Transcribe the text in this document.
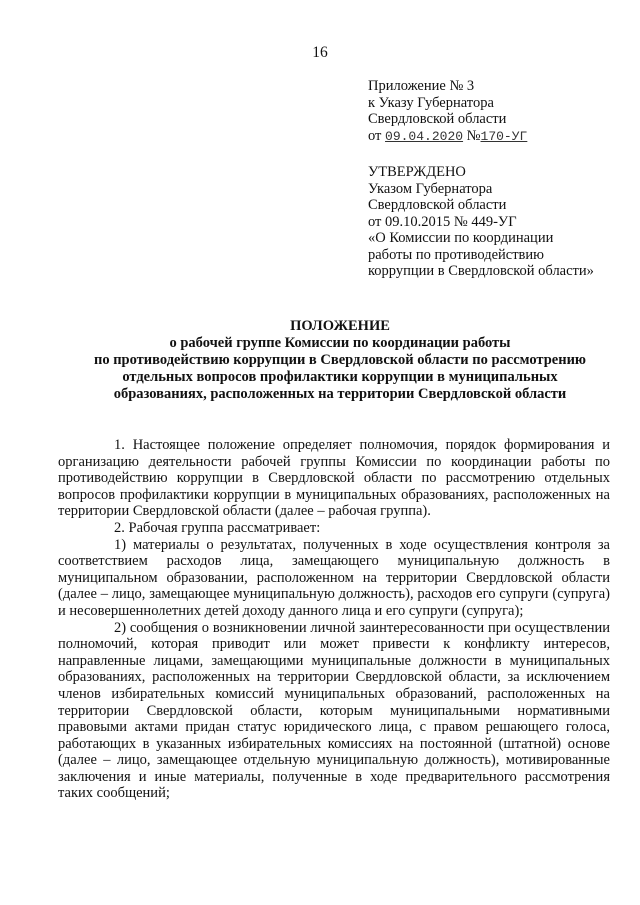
16
Приложение № 3
к Указу Губернатора
Свердловской области
от 09.04.2020 №170-УГ
УТВЕРЖДЕНО
Указом Губернатора
Свердловской области
от 09.10.2015 № 449-УГ
«О Комиссии по координации
работы по противодействию
коррупции в Свердловской области»
ПОЛОЖЕНИЕ
о рабочей группе Комиссии по координации работы
по противодействию коррупции в Свердловской области по рассмотрению
отдельных вопросов профилактики коррупции в муниципальных
образованиях, расположенных на территории Свердловской области

1. Настоящее положение определяет полномочия, порядок формирования и организацию деятельности рабочей группы Комиссии по координации работы по противодействию коррупции в Свердловской области по рассмотрению отдельных вопросов профилактики коррупции в муниципальных образованиях, расположенных на территории Свердловской области (далее – рабочая группа).

2. Рабочая группа рассматривает:

1) материалы о результатах, полученных в ходе осуществления контроля за соответствием расходов лица, замещающего муниципальную должность в муниципальном образовании, расположенном на территории Свердловской области (далее – лицо, замещающее муниципальную должность), расходов его супруги (супруга) и несовершеннолетних детей доходу данного лица и его супруги (супруга);

2) сообщения о возникновении личной заинтересованности при осуществлении полномочий, которая приводит или может привести к конфликту интересов, направленные лицами, замещающими муниципальные должности в муниципальных образованиях, расположенных на территории Свердловской области, за исключением членов избирательных комиссий муниципальных образований, расположенных на территории Свердловской области, которым муниципальными нормативными правовыми актами придан статус юридического лица, с правом решающего голоса, работающих в указанных избирательных комиссиях на постоянной (штатной) основе (далее – лицо, замещающее отдельную муниципальную должность), мотивированные заключения и иные материалы, полученные в ходе предварительного рассмотрения таких сообщений;
